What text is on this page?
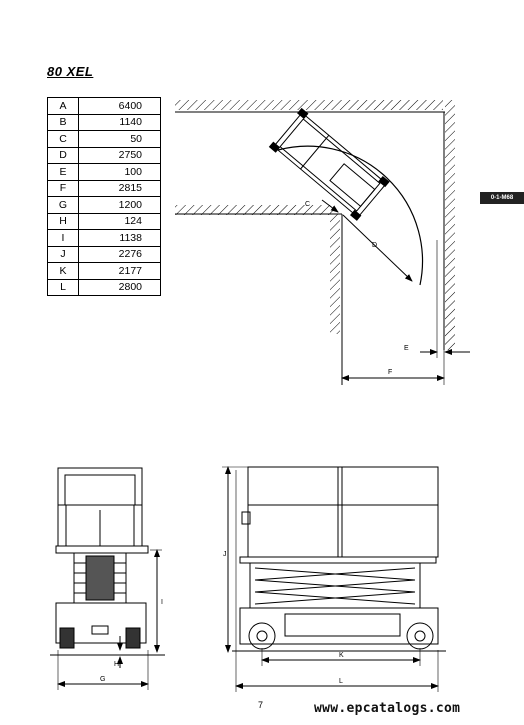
80 XEL
A	6400
B	1140
C	50
D	2750
E	100
F	2815
G	1200
H	124
I	1138
J	2276
K	2177
L	2800
0-1-M68
C
D
E
F
G
I
H
K
L
J
7	www.epcatalogs.com
